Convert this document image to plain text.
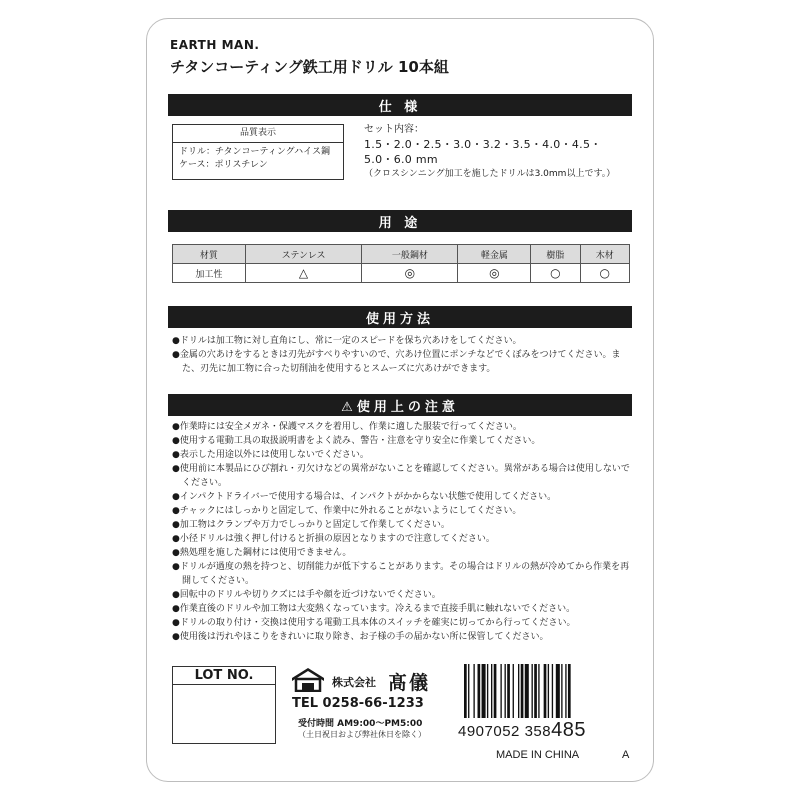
EARTH MAN.
チタンコーティング鉄工用ドリル 10本組
仕 様
品質表示
ドリル：チタンコーティングハイス鋼
ケース：ポリスチレン
セット内容：
1.5・2.0・2.5・3.0・3.2・3.5・4.0・4.5・
5.0・6.0 mm
（クロスシンニング加工を施したドリルは3.0mm以上です。）
用 途
材質	ステンレス	一般鋼材	軽金属	樹脂	木材
加工性	△	◎	◎	○	○
使用方法
●ドリルは加工物に対し直角にし、常に一定のスピードを保ち穴あけをしてください。
●金属の穴あけをするときは刃先がすべりやすいので、穴あけ位置にポンチなどでくぼみをつけてください。また、刃先に加工物に合った切削油を使用するとスムーズに穴あけができます。
⚠使用上の注意
●作業時には安全メガネ・保護マスクを着用し、作業に適した服装で行ってください。
●使用する電動工具の取扱説明書をよく読み、警告・注意を守り安全に作業してください。
●表示した用途以外には使用しないでください。
●使用前に本製品にひび割れ・刃欠けなどの異常がないことを確認してください。異常がある場合は使用しないでください。
●インパクトドライバーで使用する場合は、インパクトがかからない状態で使用してください。
●チャックにはしっかりと固定して、作業中に外れることがないようにしてください。
●加工物はクランプや万力でしっかりと固定して作業してください。
●小径ドリルは強く押し付けると折損の原因となりますので注意してください。
●熱処理を施した鋼材には使用できません。
●ドリルが過度の熱を持つと、切削能力が低下することがあります。その場合はドリルの熱が冷めてから作業を再開してください。
●回転中のドリルや切りクズには手や顔を近づけないでください。
●作業直後のドリルや加工物は大変熱くなっています。冷えるまで直接手肌に触れないでください。
●ドリルの取り付け・交換は使用する電動工具本体のスイッチを確実に切ってから行ってください。
●使用後は汚れやほこりをきれいに取り除き、お子様の手の届かない所に保管してください。
LOT NO.	株式会社 髙儀
TEL 0258-66-1233
受付時間 AM9:00～PM5:00
（土日祝日および弊社休日を除く） 4907052 358485
MADE IN CHINA	A
